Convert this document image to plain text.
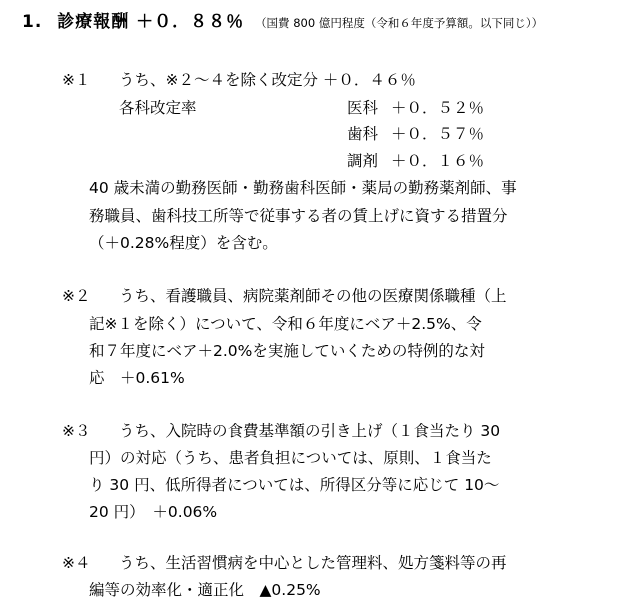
1. 診療報酬 ＋０．８８％ （国費 800 億円程度（令和６年度予算額。以下同じ））
※１ うち、※２～４を除く改定分 ＋０．４６％
各科改定率	医科 ＋０．５２％
歯科 ＋０．５７％
調剤 ＋０．１６％
40 歳未満の勤務医師・勤務歯科医師・薬局の勤務薬剤師、事
務職員、歯科技工所等で従事する者の賃上げに資する措置分
（＋0.28%程度）を含む。
※２ うち、看護職員、病院薬剤師その他の医療関係職種（上
記※１を除く）について、令和６年度にベア＋2.5%、令
和７年度にベア＋2.0%を実施していくための特例的な対
応　＋0.61%
※３ うち、入院時の食費基準額の引き上げ（１食当たり 30
円）の対応（うち、患者負担については、原則、１食当た
り 30 円、低所得者については、所得区分等に応じて 10～
20 円）　＋0.06%
※４ うち、生活習慣病を中心とした管理料、処方箋料等の再
編等の効率化・適正化　▲0.25%
